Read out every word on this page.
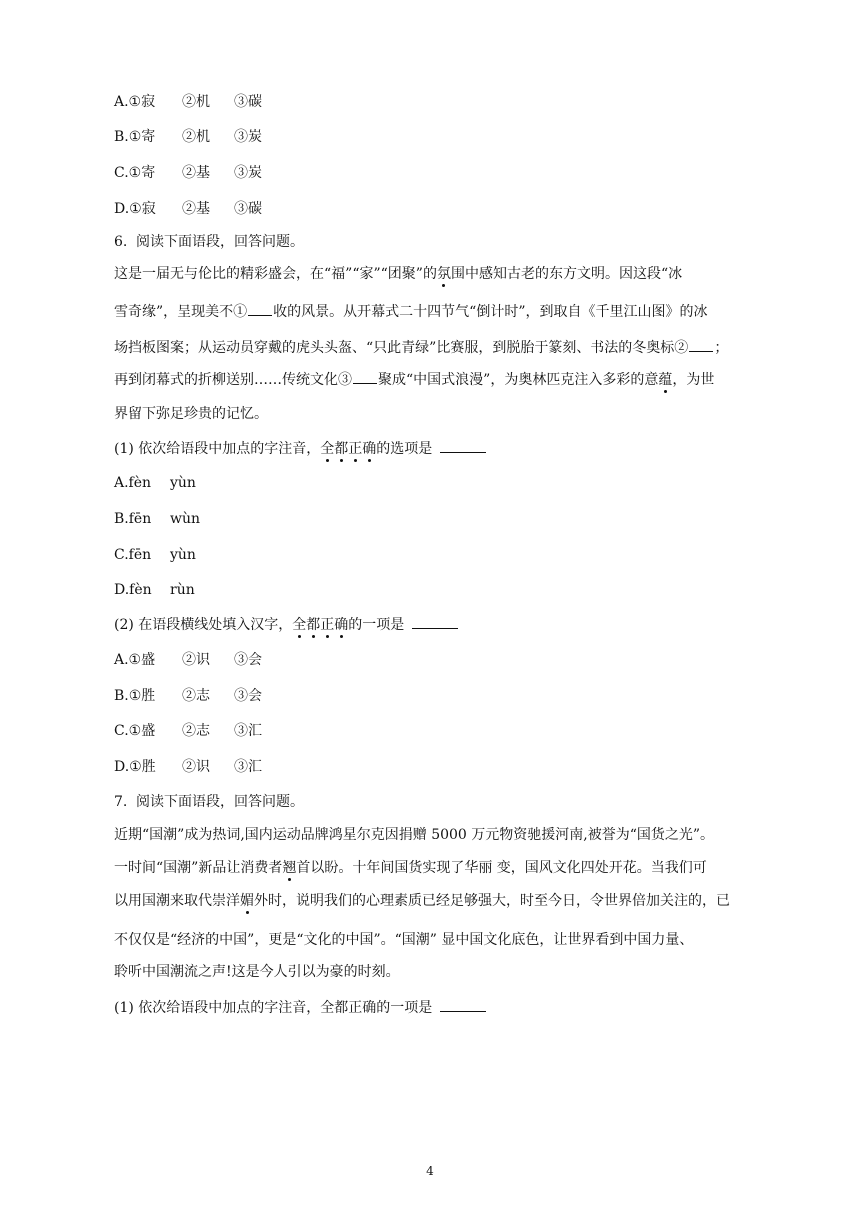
A.①寂 ②机 ③碳
B.①寄 ②机 ③炭
C.①寄 ②基 ③炭
D.①寂 ②基 ③碳
6. 阅读下面语段，回答问题。
这是一届无与伦比的精彩盛会，在“福”“家”“团聚”的氛围中感知古老的东方文明。因这段“冰
雪奇缘”，呈现美不① 收的风景。从开幕式二十四节气“倒计时”，到取自《千里江山图》的冰
场挡板图案；从运动员穿戴的虎头头盔、“只此青绿”比赛服，到脱胎于篆刻、书法的冬奥标② ；
再到闭幕式的折柳送别……传统文化③ 聚成“中国式浪漫”，为奥林匹克注入多彩的意蕴，为世
界留下弥足珍贵的记忆。
(1) 依次给语段中加点的字注音，全都正确的选项是
A.fèn yùn
B.fēn wùn
C.fēn yùn
D.fèn rùn
(2) 在语段横线处填入汉字，全都正确的一项是
A.①盛 ②识 ③会
B.①胜 ②志 ③会
C.①盛 ②志 ③汇
D.①胜 ②识 ③汇
7. 阅读下面语段，回答问题。
近期“国潮”成为热词,国内运动品牌鸿星尔克因捐赠 5000 万元物资驰援河南,被誉为“国货之光”。
一时间“国潮”新品让消费者翘首以盼。十年间国货实现了华丽 变，国风文化四处开花。当我们可
以用国潮来取代崇洋媚外时，说明我们的心理素质已经足够强大，时至今日，令世界倍加关注的，已
不仅仅是“经济的中国”，更是“文化的中国”。“国潮” 显中国文化底色，让世界看到中国力量、
聆听中国潮流之声!这是今人引以为豪的时刻。
(1) 依次给语段中加点的字注音，全都正确的一项是
4
